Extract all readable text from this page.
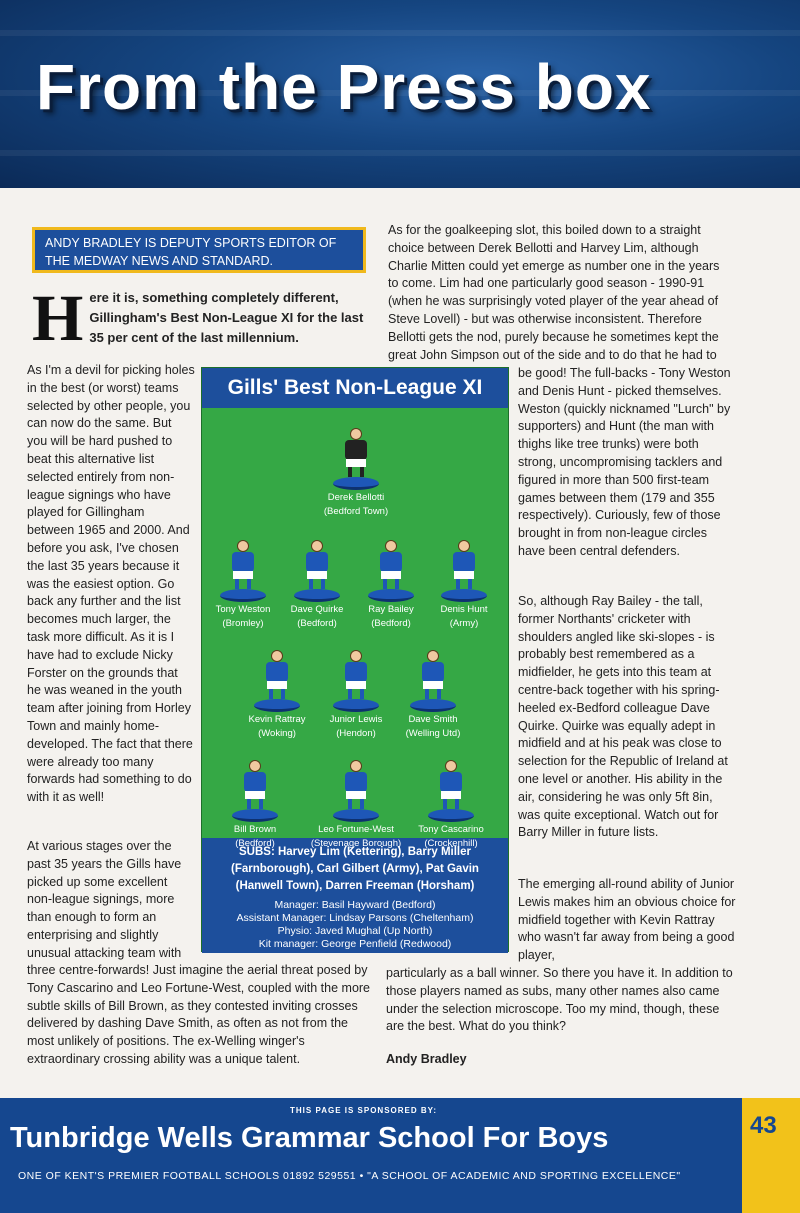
From the Press box
ANDY BRADLEY IS DEPUTY SPORTS EDITOR OF THE MEDWAY NEWS AND STANDARD.
H ere it is, something completely different, Gillingham's Best Non-League XI for the last 35 per cent of the last millennium.
As I'm a devil for picking holes in the best (or worst) teams selected by other people, you can now do the same. But you will be hard pushed to beat this alternative list selected entirely from non-league signings who have played for Gillingham between 1965 and 2000. And before you ask, I've chosen the last 35 years because it was the easiest option. Go back any further and the list becomes much larger, the task more difficult. As it is I have had to exclude Nicky Forster on the grounds that he was weaned in the youth team after joining from Horley Town and mainly home-developed. The fact that there were already too many forwards had something to do with it as well!
At various stages over the past 35 years the Gills have picked up some excellent non-league signings, more than enough to form an enterprising and slightly unusual attacking team with
three centre-forwards! Just imagine the aerial threat posed by Tony Cascarino and Leo Fortune-West, coupled with the more subtle skills of Bill Brown, as they contested inviting crosses delivered by dashing Dave Smith, as often as not from the most unlikely of positions. The ex-Welling winger's extraordinary crossing ability was a unique talent.
As for the goalkeeping slot, this boiled down to a straight choice between Derek Bellotti and Harvey Lim, although Charlie Mitten could yet emerge as number one in the years to come. Lim had one particularly good season - 1990-91 (when he was surprisingly voted player of the year ahead of Steve Lovell) - but was otherwise inconsistent. Therefore Bellotti gets the nod, purely because he sometimes kept the great John Simpson out of the side and to do that he had to
be good! The full-backs - Tony Weston and Denis Hunt - picked themselves. Weston (quickly nicknamed "Lurch" by supporters) and Hunt (the man with thighs like tree trunks) were both strong, uncompromising tacklers and figured in more than 500 first-team games between them (179 and 355 respectively). Curiously, few of those brought in from non-league circles have been central defenders.
So, although Ray Bailey - the tall, former Northants' cricketer with shoulders angled like ski-slopes - is probably best remembered as a midfielder, he gets into this team at centre-back together with his spring-heeled ex-Bedford colleague Dave Quirke. Quirke was equally adept in midfield and at his peak was close to selection for the Republic of Ireland at one level or another. His ability in the air, considering he was only 5ft 8in, was quite exceptional. Watch out for Barry Miller in future lists.
The emerging all-round ability of Junior Lewis makes him an obvious choice for midfield together with Kevin Rattray who wasn't far away from being a good player,
particularly as a ball winner. So there you have it. In addition to those players named as subs, many other names also came under the selection microscope. Too my mind, though, these are the best. What do you think?
Andy Bradley
Gills' Best Non-League XI
Derek Bellotti
(Bedford Town)
Tony Weston
(Bromley)
Dave Quirke
(Bedford)
Ray Bailey
(Bedford)
Denis Hunt
(Army)
Kevin Rattray
(Woking)
Junior Lewis
(Hendon)
Dave Smith
(Welling Utd)
Bill Brown
(Bedford)
Leo Fortune-West
(Stevenage Borough)
Tony Cascarino
(Crockenhill)
SUBS: Harvey Lim (Kettering), Barry Miller (Farnborough), Carl Gilbert (Army), Pat Gavin (Hanwell Town), Darren Freeman (Horsham)
Manager: Basil Hayward (Bedford)
Assistant Manager: Lindsay Parsons (Cheltenham)
Physio: Javed Mughal (Up North)
Kit manager: George Penfield (Redwood)
THIS PAGE IS SPONSORED BY:
Tunbridge Wells Grammar School For Boys
ONE OF KENT'S PREMIER FOOTBALL SCHOOLS 01892 529551 • "A SCHOOL OF ACADEMIC AND SPORTING EXCELLENCE"
43
